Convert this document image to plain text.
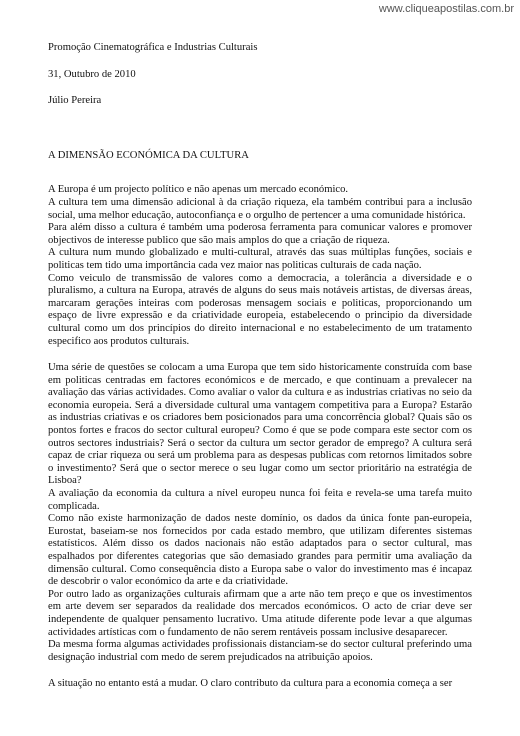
www.cliqueapostilas.com.br

Promoção Cinematográfica e Industrias Culturais

31, Outubro de 2010

Júlio Pereira

A DIMENSÃO ECONÓMICA DA CULTURA

A Europa é um projecto político e não apenas um mercado económico.

A cultura tem uma dimensão adicional à da criação riqueza, ela também contribui para a inclusão social, uma melhor educação, autoconfiança e o orgulho de pertencer a uma comunidade histórica.

Para além disso a cultura é também uma poderosa ferramenta para comunicar valores e promover objectivos de interesse publico que são mais amplos do que a criação de riqueza.

A cultura num mundo globalizado e multi-cultural, através das suas múltiplas funções, sociais e politicas tem tido uma importância cada vez maior nas politicas culturais de cada nação.

Como veiculo de transmissão de valores como a democracia, a tolerância a diversidade e o pluralismo, a cultura na Europa, através de alguns do seus mais notáveis artistas, de diversas áreas, marcaram gerações inteiras com poderosas mensagem sociais e politicas, proporcionando um espaço de livre expressão e da criatividade europeia, estabelecendo o principio da diversidade cultural como um dos princípios do direito internacional e no estabelecimento de um tratamento especifico aos produtos culturais.

Uma série de questões se colocam a uma Europa que tem sido historicamente construída com base em politicas centradas em factores económicos e de mercado, e que continuam a prevalecer na avaliação das várias actividades. Como avaliar o valor da cultura e as industrias criativas no seio da economia europeia. Será a diversidade cultural uma vantagem competitiva para a Europa? Estarão as industrias criativas e os criadores bem posicionados para uma concorrência global? Quais são os pontos fortes e fracos do sector cultural europeu? Como é que se pode compara este sector com os outros sectores industriais? Será o sector da cultura um sector gerador de emprego? A cultura será capaz de criar riqueza ou será um problema para as despesas publicas com retornos limitados sobre o investimento? Será que o sector merece o seu lugar como um sector prioritário na estratégia de Lisboa?

A avaliação da economia da cultura a nível europeu nunca foi feita e revela-se uma tarefa muito complicada.

Como não existe harmonização de dados neste domínio, os dados da única fonte pan-europeia, Eurostat, baseiam-se nos fornecidos por cada estado membro, que utilizam diferentes sistemas estatísticos. Além disso os dados nacionais não estão adaptados para o sector cultural, mas espalhados por diferentes categorias que são demasiado grandes para permitir uma avaliação da dimensão cultural. Como consequência disto a Europa sabe o valor do investimento mas é incapaz de descobrir o valor económico da arte e da criatividade.

Por outro lado as organizações culturais afirmam que a arte não tem preço e que os investimentos em arte devem ser separados da realidade dos mercados económicos. O acto de criar deve ser independente de qualquer pensamento lucrativo. Uma atitude diferente pode levar a que algumas actividades artísticas com o fundamento de não serem rentáveis possam inclusive desaparecer.

Da mesma forma algumas actividades profissionais distanciam-se do sector cultural preferindo uma designação industrial com medo de serem prejudicados na atribuição apoios.

A situação no entanto está a mudar. O claro contributo da cultura para a economia começa a ser
